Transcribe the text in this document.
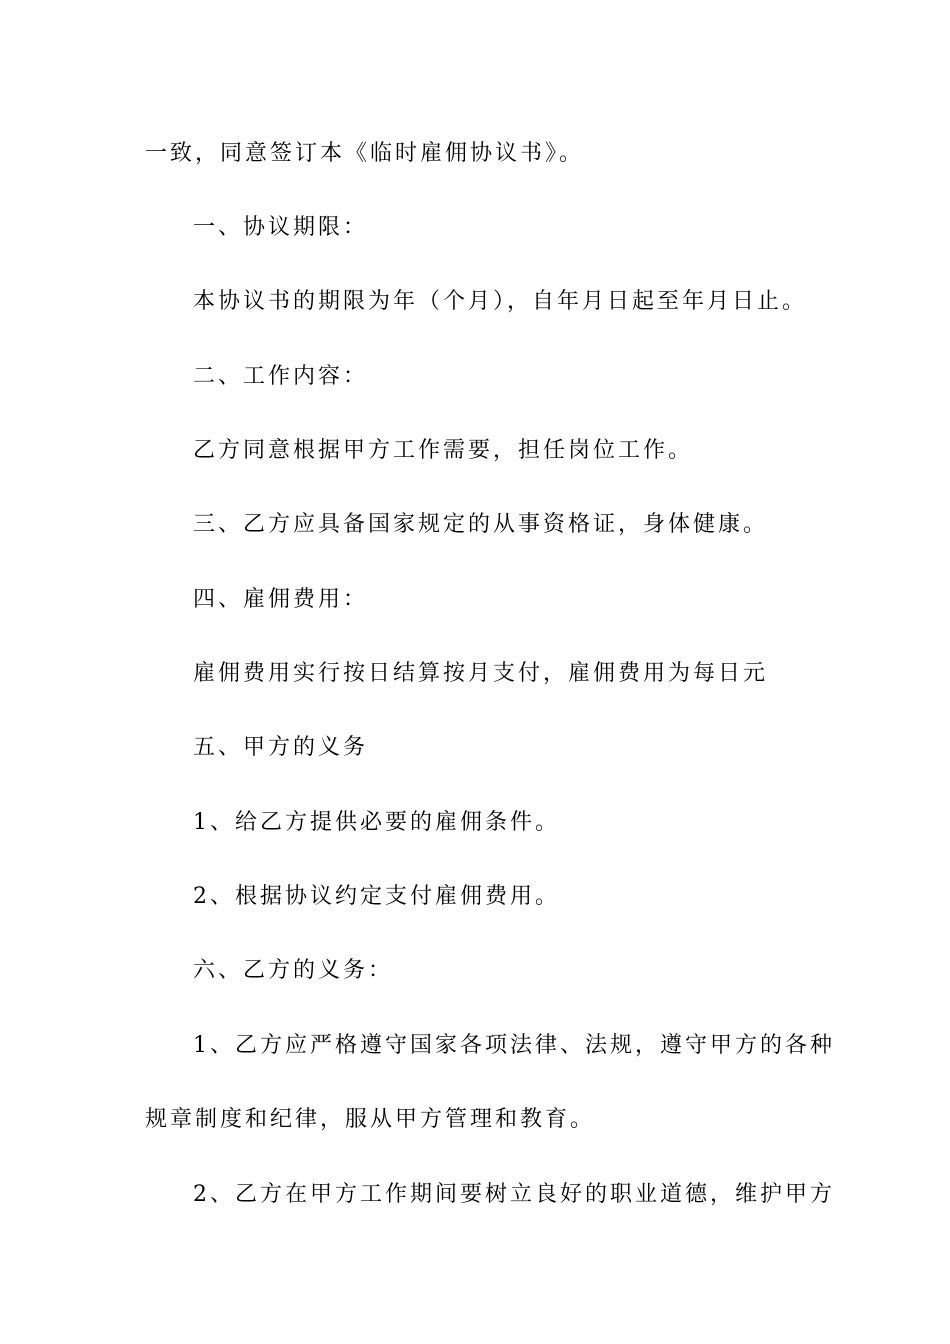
一致，同意签订本《临时雇佣协议书》。
一、协议期限：
本协议书的期限为年（个月），自年月日起至年月日止。
二、工作内容：
乙方同意根据甲方工作需要，担任岗位工作。
三、乙方应具备国家规定的从事资格证，身体健康。
四、雇佣费用：
雇佣费用实行按日结算按月支付，雇佣费用为每日元
五、甲方的义务
1、给乙方提供必要的雇佣条件。
2、根据协议约定支付雇佣费用。
六、乙方的义务：
1、乙方应严格遵守国家各项法律、法规，遵守甲方的各种
规章制度和纪律，服从甲方管理和教育。
2、乙方在甲方工作期间要树立良好的职业道德，维护甲方
